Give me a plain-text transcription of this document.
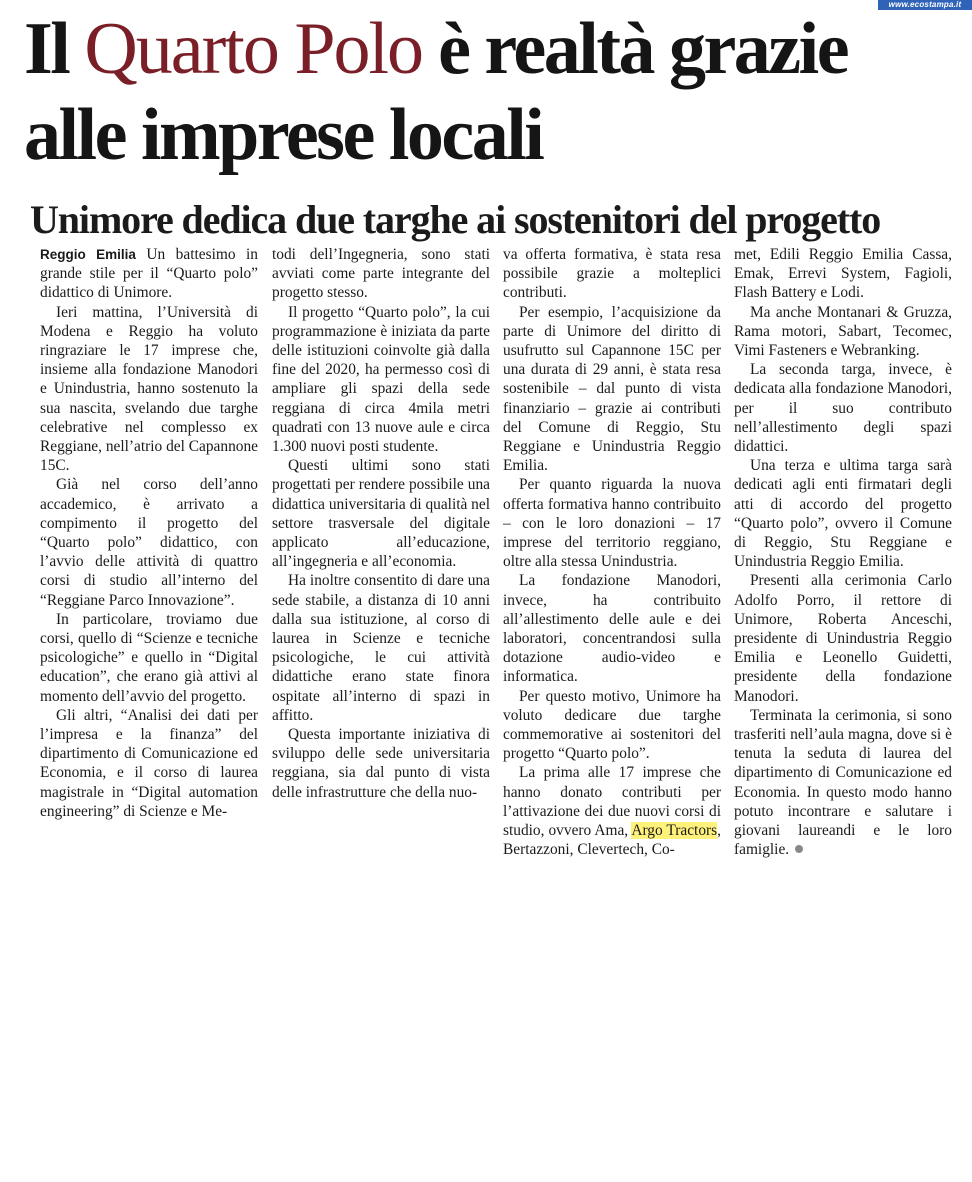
www.ecostampa.it
Il Quarto Polo è realtà grazie alle imprese locali
Unimore dedica due targhe ai sostenitori del progetto

Reggio Emilia Un battesimo in grande stile per il “Quarto polo” didattico di Unimore.

Ieri mattina, l’Università di Modena e Reggio ha voluto ringraziare le 17 imprese che, insieme alla fondazione Manodori e Unindustria, hanno sostenuto la sua nascita, svelando due targhe celebrative nel complesso ex Reggiane, nell’atrio del Capannone 15C.

Già nel corso dell’anno accademico, è arrivato a compimento il progetto del “Quarto polo” didattico, con l’avvio delle attività di quattro corsi di studio all’interno del “Reggiane Parco Innovazione”.

In particolare, troviamo due corsi, quello di “Scienze e tecniche psicologiche” e quello in “Digital education”, che erano già attivi al momento dell’avvio del progetto.

Gli altri, “Analisi dei dati per l’impresa e la finanza” del dipartimento di Comunicazione ed Economia, e il corso di laurea magistrale in “Digital automation engineering” di Scienze e Me-

todi dell’Ingegneria, sono stati avviati come parte integrante del progetto stesso.

Il progetto “Quarto polo”, la cui programmazione è iniziata da parte delle istituzioni coinvolte già dalla fine del 2020, ha permesso così di ampliare gli spazi della sede reggiana di circa 4mila metri quadrati con 13 nuove aule e circa 1.300 nuovi posti studente.

Questi ultimi sono stati progettati per rendere possibile una didattica universitaria di qualità nel settore trasversale del digitale applicato all’educazione, all’ingegneria e all’economia.

Ha inoltre consentito di dare una sede stabile, a distanza di 10 anni dalla sua istituzione, al corso di laurea in Scienze e tecniche psicologiche, le cui attività didattiche erano state finora ospitate all’interno di spazi in affitto.

Questa importante iniziativa di sviluppo delle sede universitaria reggiana, sia dal punto di vista delle infrastrutture che della nuo-

va offerta formativa, è stata resa possibile grazie a molteplici contributi.

Per esempio, l’acquisizione da parte di Unimore del diritto di usufrutto sul Capannone 15C per una durata di 29 anni, è stata resa sostenibile – dal punto di vista finanziario – grazie ai contributi del Comune di Reggio, Stu Reggiane e Unindustria Reggio Emilia.

Per quanto riguarda la nuova offerta formativa hanno contribuito – con le loro donazioni – 17 imprese del territorio reggiano, oltre alla stessa Unindustria.

La fondazione Manodori, invece, ha contribuito all’allestimento delle aule e dei laboratori, concentrandosi sulla dotazione audio-video e informatica.

Per questo motivo, Unimore ha voluto dedicare due targhe commemorative ai sostenitori del progetto “Quarto polo”.

La prima alle 17 imprese che hanno donato contributi per l’attivazione dei due nuovi corsi di studio, ovvero Ama, Argo Tractors, Bertazzoni, Clevertech, Co-

met, Edili Reggio Emilia Cassa, Emak, Errevi System, Fagioli, Flash Battery e Lodi.

Ma anche Montanari & Gruzza, Rama motori, Sabart, Tecomec, Vimi Fasteners e Webranking.

La seconda targa, invece, è dedicata alla fondazione Manodori, per il suo contributo nell’allestimento degli spazi didattici.

Una terza e ultima targa sarà dedicati agli enti firmatari degli atti di accordo del progetto “Quarto polo”, ovvero il Comune di Reggio, Stu Reggiane e Unindustria Reggio Emilia.

Presenti alla cerimonia Carlo Adolfo Porro, il rettore di Unimore, Roberta Anceschi, presidente di Unindustria Reggio Emilia e Leonello Guidetti, presidente della fondazione Manodori.

Terminata la cerimonia, si sono trasferiti nell’aula magna, dove si è tenuta la seduta di laurea del dipartimento di Comunicazione ed Economia. In questo modo hanno potuto incontrare e salutare i giovani laureandi e le loro famiglie.
